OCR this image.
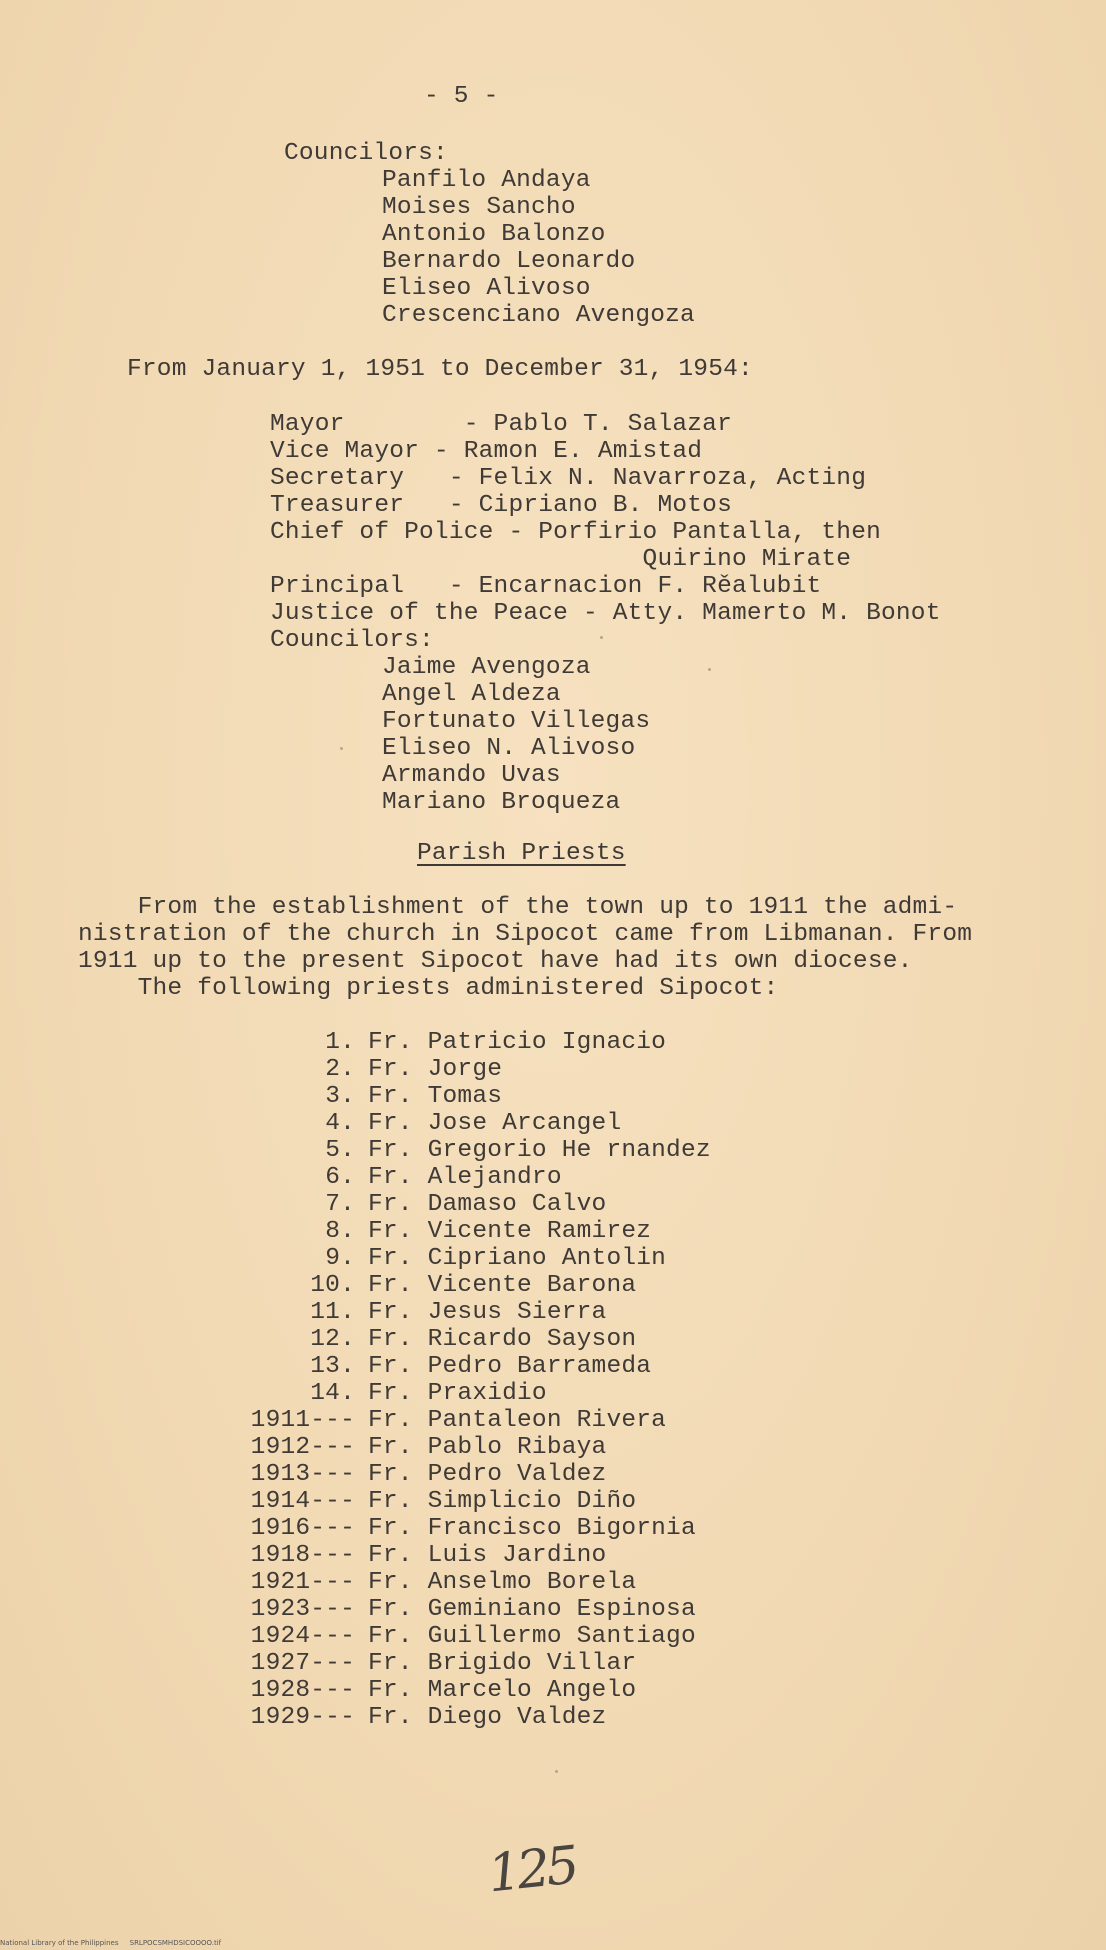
- 5 -
Councilors:
Panfilo Andaya
Moises Sancho
Antonio Balonzo
Bernardo Leonardo
Eliseo Alivoso
Crescenciano Avengoza
From January 1, 1951 to December 31, 1954:
Mayor        - Pablo T. Salazar
Vice Mayor - Ramon E. Amistad
Secretary   - Felix N. Navarroza, Acting
Treasurer   - Cipriano B. Motos
Chief of Police - Porfirio Pantalla, then
Quirino Mirate
Principal   - Encarnacion F. Rěalubit
Justice of the Peace - Atty. Mamerto M. Bonot
Councilors:
Jaime Avengoza
Angel Aldeza
Fortunato Villegas
Eliseo N. Alivoso
Armando Uvas
Mariano Broqueza
Parish Priests
From the establishment of the town up to 1911 the admi-
nistration of the church in Sipocot came from Libmanan. From
1911 up to the present Sipocot have had its own diocese.
The following priests administered Sipocot:
1. Fr. Patricio Ignacio
2. Fr. Jorge
3. Fr. Tomas
4. Fr. Jose Arcangel
5. Fr. Gregorio He rnandez
6. Fr. Alejandro
7. Fr. Damaso Calvo
8. Fr. Vicente Ramirez
9. Fr. Cipriano Antolin
10. Fr. Vicente Barona
11. Fr. Jesus Sierra
12. Fr. Ricardo Sayson
13. Fr. Pedro Barrameda
14. Fr. Praxidio
1911--- Fr. Pantaleon Rivera
1912--- Fr. Pablo Ribaya
1913--- Fr. Pedro Valdez
1914--- Fr. Simplicio Diño
1916--- Fr. Francisco Bigornia
1918--- Fr. Luis Jardino
1921--- Fr. Anselmo Borela
1923--- Fr. Geminiano Espinosa
1924--- Fr. Guillermo Santiago
1927--- Fr. Brigido Villar
1928--- Fr. Marcelo Angelo
1929--- Fr. Diego Valdez
125
National Library of the Philippines     SRLPOCSMHDSICOOOO.tif
